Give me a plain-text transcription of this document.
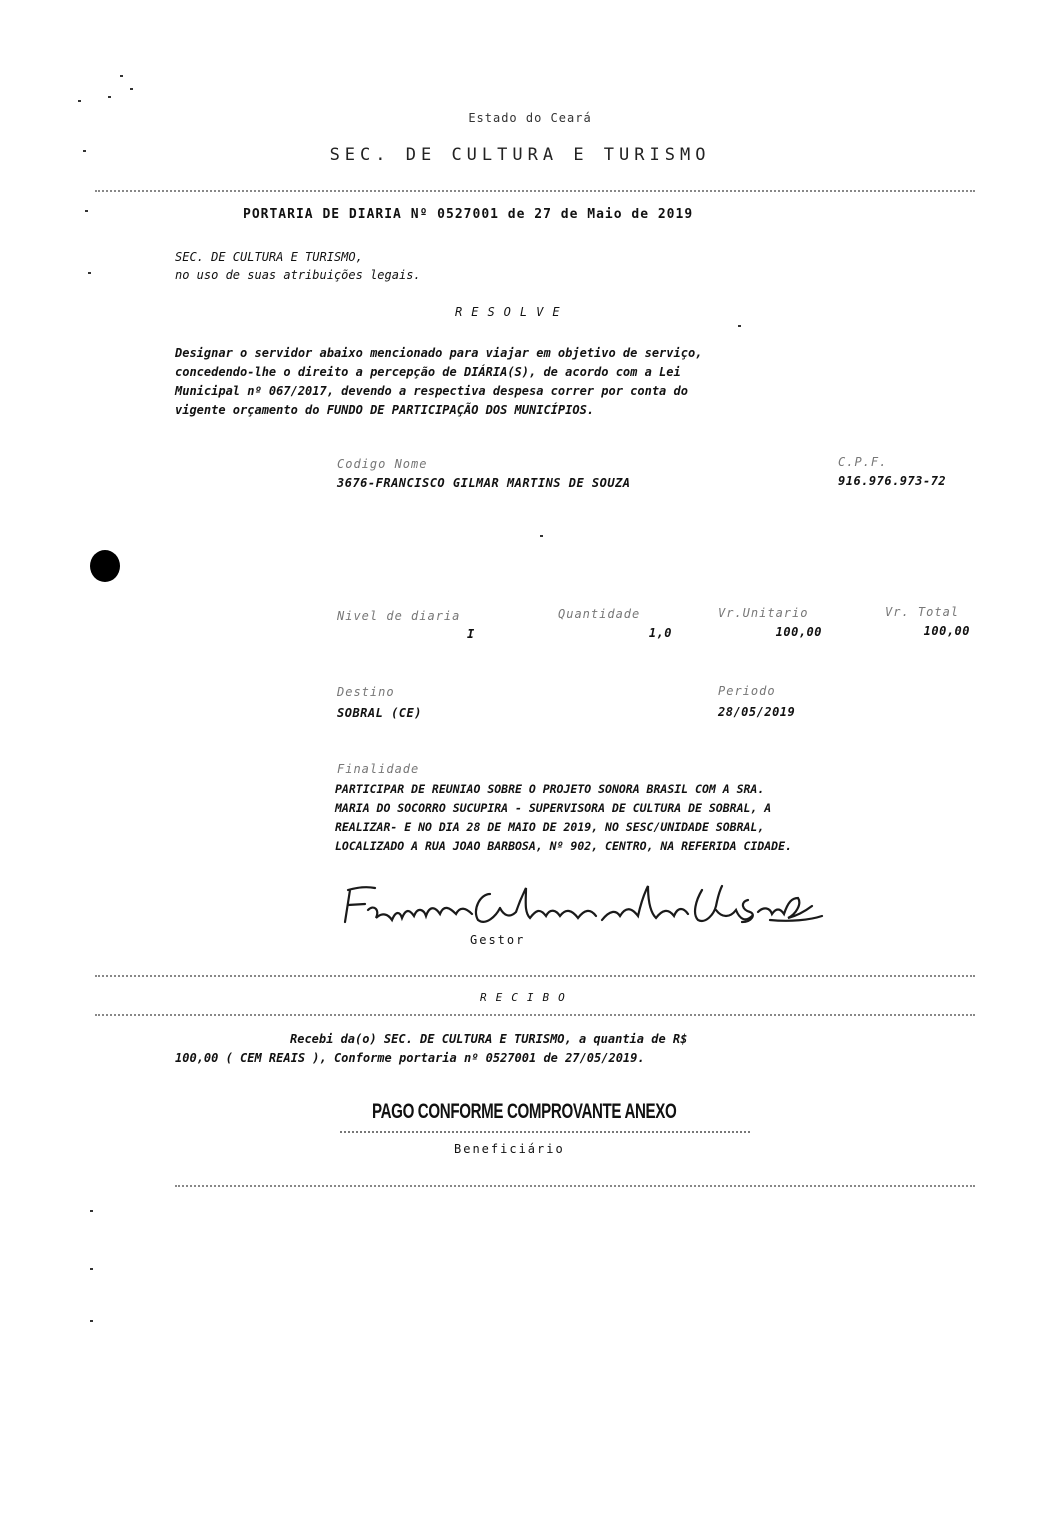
Estado do Ceará
SEC. DE CULTURA E TURISMO
PORTARIA DE DIARIA Nº 0527001 de 27 de Maio de 2019
SEC. DE CULTURA E TURISMO,
no uso de suas atribuições legais.
RESOLVE
Designar o servidor abaixo mencionado para viajar em objetivo de serviço,
concedendo-lhe o direito a percepção de DIÁRIA(S), de acordo com a Lei
Municipal nº 067/2017, devendo a respectiva despesa correr por conta do
vigente orçamento do FUNDO DE PARTICIPAÇÃO DOS MUNICÍPIOS.
Codigo Nome	C.P.F.
3676-FRANCISCO GILMAR MARTINS DE SOUZA	916.976.973-72
Nivel de diaria	Quantidade	Vr.Unitario	Vr. Total
I	1,0	100,00	100,00
Destino	Periodo
SOBRAL (CE)	28/05/2019
Finalidade
PARTICIPAR DE REUNIAO SOBRE O PROJETO SONORA BRASIL COM A SRA.
MARIA DO SOCORRO SUCUPIRA - SUPERVISORA DE CULTURA DE SOBRAL, A
REALIZAR- E NO DIA 28 DE MAIO DE 2019, NO SESC/UNIDADE SOBRAL,
LOCALIZADO A RUA JOAO BARBOSA, Nº 902, CENTRO, NA REFERIDA CIDADE.
Gestor
RECIBO
Recebi da(o) SEC. DE CULTURA E TURISMO, a quantia de R$
100,00 ( CEM REAIS ), Conforme portaria nº 0527001 de 27/05/2019.
PAGO CONFORME COMPROVANTE ANEXO
Beneficiário
